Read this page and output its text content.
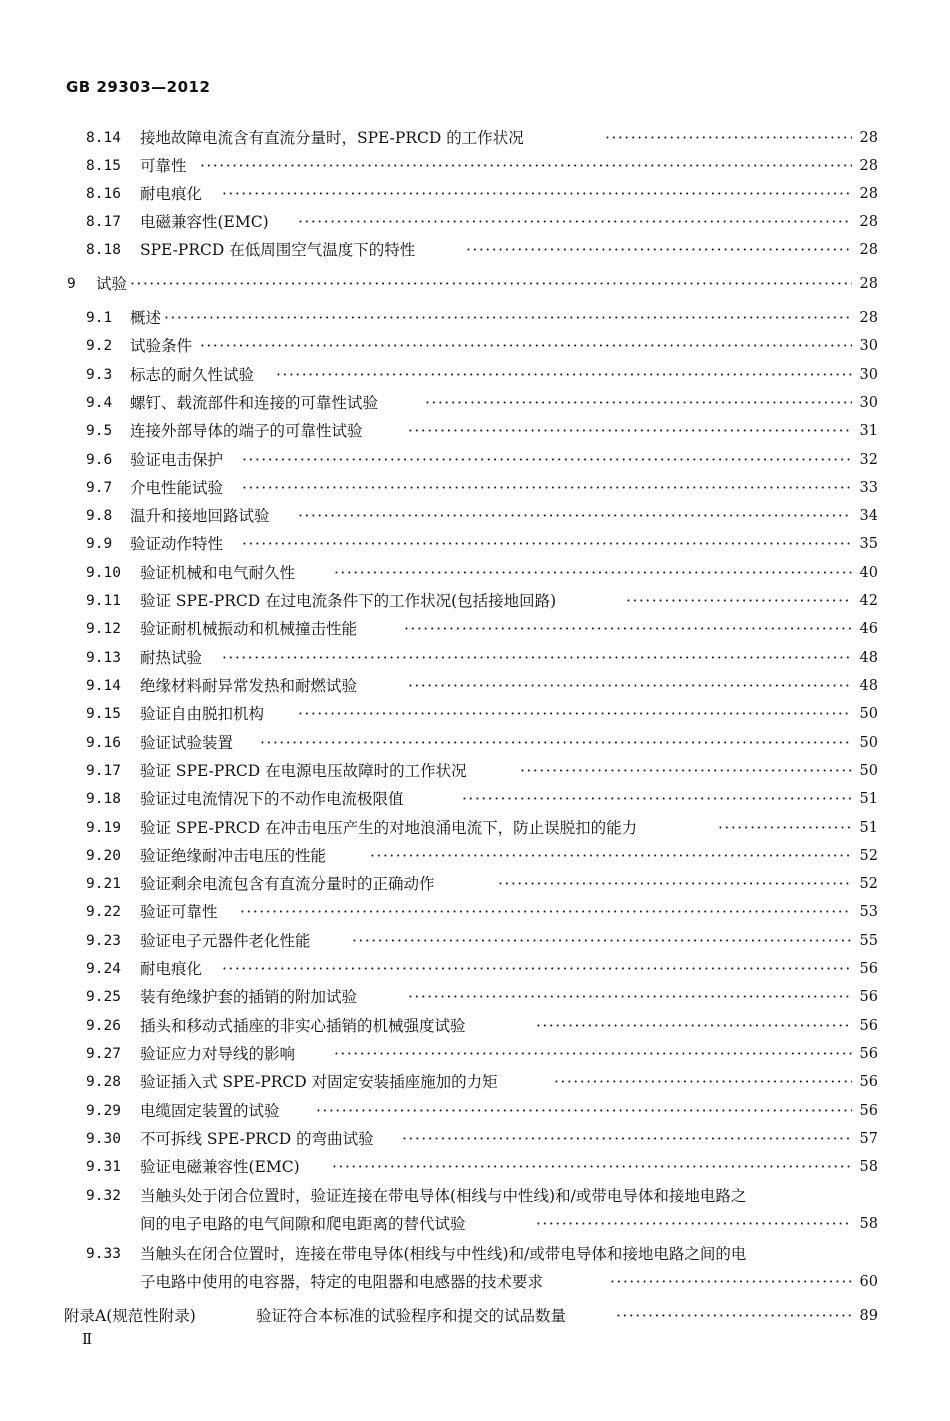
GB 29303—2012
8.14 接地故障电流含有直流分量时，SPE-PRCD 的工作状况 ·····	28
8.15 可靠性 ·····	28
8.16 耐电痕化 ·····	28
8.17 电磁兼容性(EMC) ·····	28
8.18 SPE-PRCD 在低周围空气温度下的特性 ·····	28
9 试验 ·····	28
9.1 概述 ·····	28
9.2 试验条件 ·····	30
9.3 标志的耐久性试验 ·····	30
9.4 螺钉、载流部件和连接的可靠性试验 ·····	30
9.5 连接外部导体的端子的可靠性试验 ·····	31
9.6 验证电击保护 ·····	32
9.7 介电性能试验 ·····	33
9.8 温升和接地回路试验 ·····	34
9.9 验证动作特性 ·····	35
9.10 验证机械和电气耐久性 ·····	40
9.11 验证 SPE-PRCD 在过电流条件下的工作状况(包括接地回路) ·····	42
9.12 验证耐机械振动和机械撞击性能 ·····	46
9.13 耐热试验 ·····	48
9.14 绝缘材料耐异常发热和耐燃试验 ·····	48
9.15 验证自由脱扣机构 ·····	50
9.16 验证试验装置 ·····	50
9.17 验证 SPE-PRCD 在电源电压故障时的工作状况 ·····	50
9.18 验证过电流情况下的不动作电流极限值 ·····	51
9.19 验证 SPE-PRCD 在冲击电压产生的对地浪涌电流下，防止误脱扣的能力 ·····	51
9.20 验证绝缘耐冲击电压的性能 ·····	52
9.21 验证剩余电流包含有直流分量时的正确动作 ·····	52
9.22 验证可靠性 ·····	53
9.23 验证电子元器件老化性能 ·····	55
9.24 耐电痕化 ·····	56
9.25 装有绝缘护套的插销的附加试验 ·····	56
9.26 插头和移动式插座的非实心插销的机械强度试验 ·····	56
9.27 验证应力对导线的影响 ·····	56
9.28 验证插入式 SPE-PRCD 对固定安装插座施加的力矩 ·····	56
9.29 电缆固定装置的试验 ·····	56
9.30 不可拆线 SPE-PRCD 的弯曲试验 ·····	57
9.31 验证电磁兼容性(EMC) ·····	58
9.32 当触头处于闭合位置时，验证连接在带电导体(相线与中性线)和/或带电导体和接地电路之
间的电子电路的电气间隙和爬电距离的替代试验 ·····	58
9.33 当触头在闭合位置时，连接在带电导体(相线与中性线)和/或带电导体和接地电路之间的电
子电路中使用的电容器，特定的电阻器和电感器的技术要求 ·····	60
附录A(规范性附录)	验证符合本标准的试验程序和提交的试品数量 ·····	89
Ⅱ
